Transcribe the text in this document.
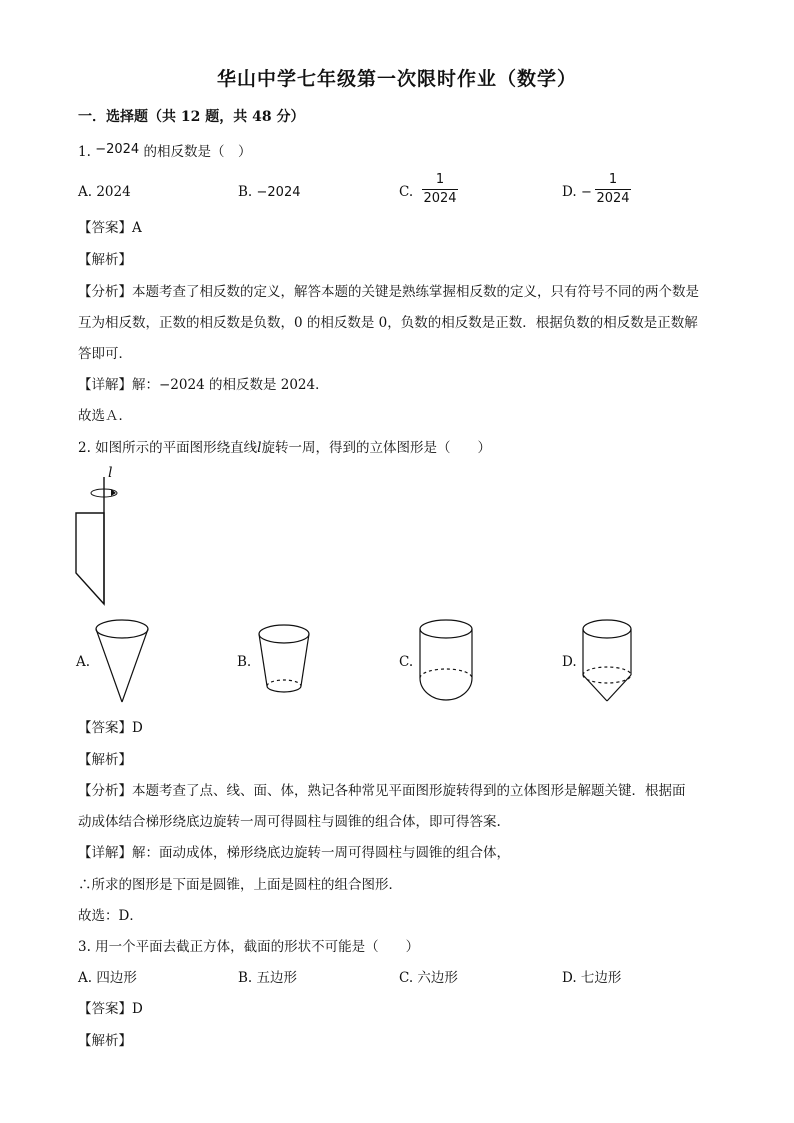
华山中学七年级第一次限时作业（数学）
一．选择题（共 12 题，共 48 分）
1. −2024 的相反数是（　）
A. 2024	B. −2024	C.
1
2024	D. −
1
2024
【答案】A
【解析】
【分析】本题考查了相反数的定义，解答本题的关键是熟练掌握相反数的定义，只有符号不同的两个数是
互为相反数，正数的相反数是负数，0 的相反数是 0，负数的相反数是正数．根据负数的相反数是正数解
答即可．
【详解】解：−2024 的相反数是 2024．
故选Ａ．
2. 如图所示的平面图形绕直线l旋转一周，得到的立体图形是（　　）
l
A.	B.	C.	D.
【答案】D
【解析】
【分析】本题考查了点、线、面、体，熟记各种常见平面图形旋转得到的立体图形是解题关键．根据面
动成体结合梯形绕底边旋转一周可得圆柱与圆锥的组合体，即可得答案.
【详解】解：面动成体，梯形绕底边旋转一周可得圆柱与圆锥的组合体，
∴所求的图形是下面是圆锥，上面是圆柱的组合图形．
故选：D．
3. 用一个平面去截正方体，截面的形状不可能是（　　）
A. 四边形	B. 五边形	C. 六边形	D. 七边形
【答案】D
【解析】
